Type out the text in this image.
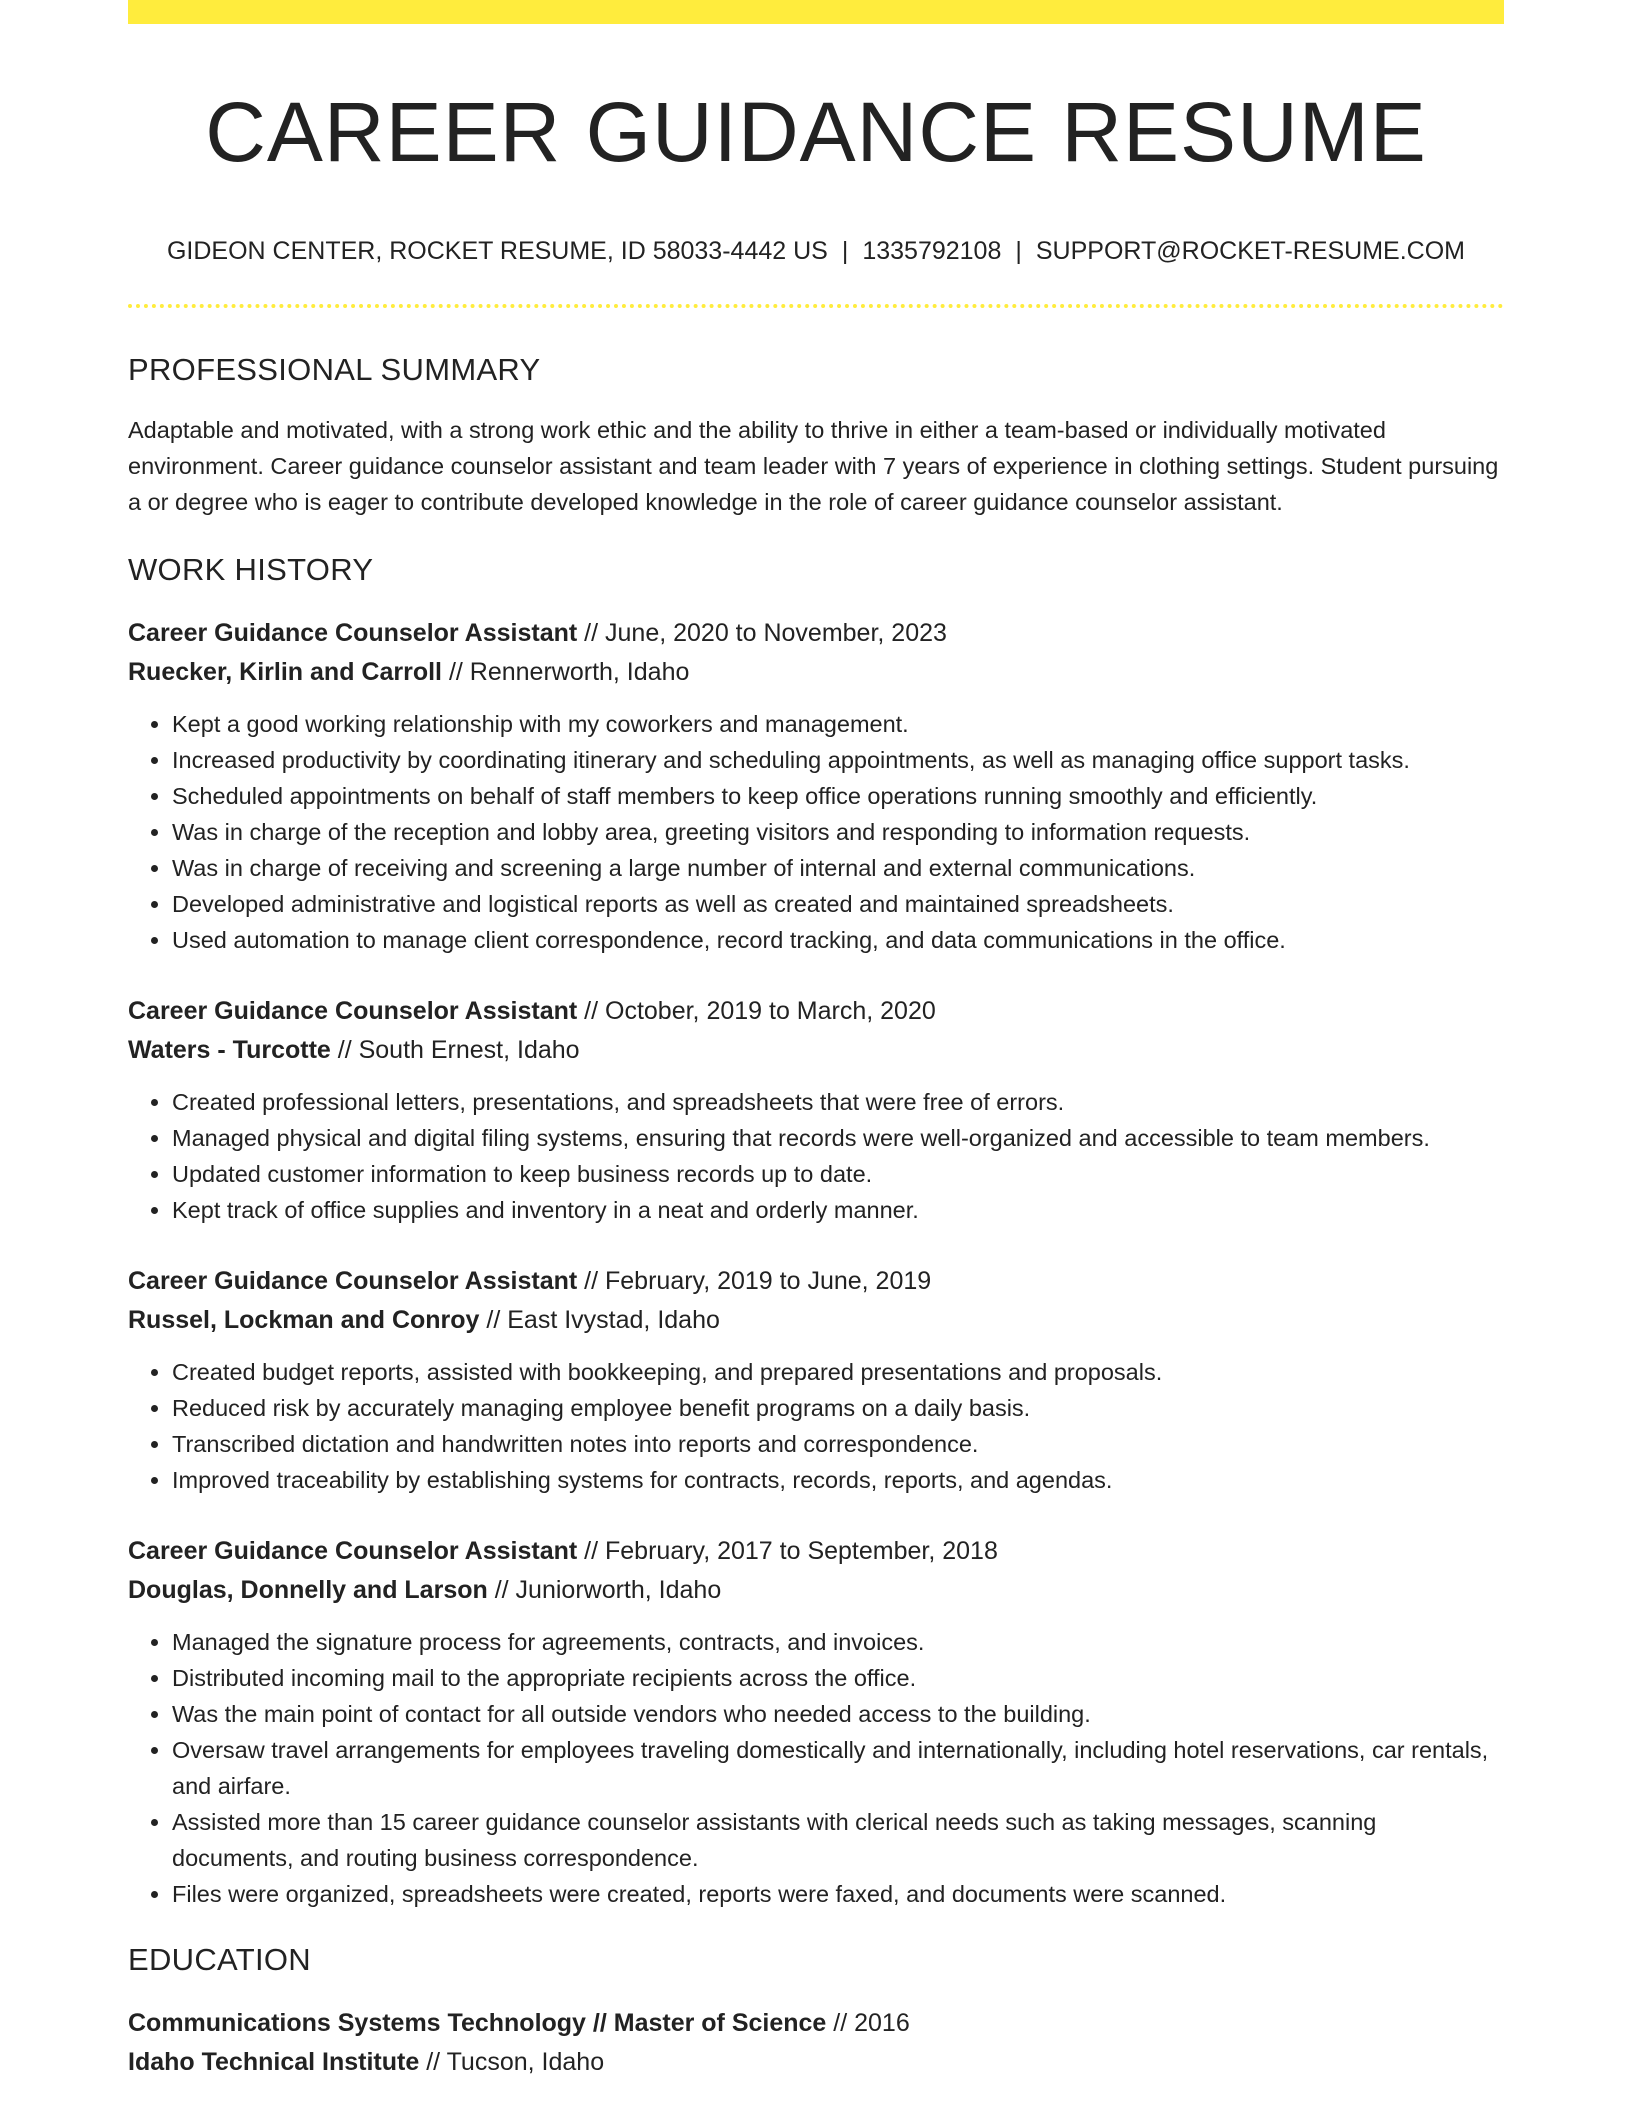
CAREER GUIDANCE RESUME
GIDEON CENTER, ROCKET RESUME, ID 58033-4442 US | 1335792108 | SUPPORT@ROCKET-RESUME.COM
PROFESSIONAL SUMMARY

Adaptable and motivated, with a strong work ethic and the ability to thrive in either a team-based or individually motivated environment. Career guidance counselor assistant and team leader with 7 years of experience in clothing settings. Student pursuing a or degree who is eager to contribute developed knowledge in the role of career guidance counselor assistant.

WORK HISTORY
Career Guidance Counselor Assistant // June, 2020 to November, 2023
Ruecker, Kirlin and Carroll // Rennerworth, Idaho
• Kept a good working relationship with my coworkers and management.
• Increased productivity by coordinating itinerary and scheduling appointments, as well as managing office support tasks.
• Scheduled appointments on behalf of staff members to keep office operations running smoothly and efficiently.
• Was in charge of the reception and lobby area, greeting visitors and responding to information requests.
• Was in charge of receiving and screening a large number of internal and external communications.
• Developed administrative and logistical reports as well as created and maintained spreadsheets.
• Used automation to manage client correspondence, record tracking, and data communications in the office.
Career Guidance Counselor Assistant // October, 2019 to March, 2020
Waters - Turcotte // South Ernest, Idaho
• Created professional letters, presentations, and spreadsheets that were free of errors.
• Managed physical and digital filing systems, ensuring that records were well-organized and accessible to team members.
• Updated customer information to keep business records up to date.
• Kept track of office supplies and inventory in a neat and orderly manner.
Career Guidance Counselor Assistant // February, 2019 to June, 2019
Russel, Lockman and Conroy // East Ivystad, Idaho
• Created budget reports, assisted with bookkeeping, and prepared presentations and proposals.
• Reduced risk by accurately managing employee benefit programs on a daily basis.
• Transcribed dictation and handwritten notes into reports and correspondence.
• Improved traceability by establishing systems for contracts, records, reports, and agendas.
Career Guidance Counselor Assistant // February, 2017 to September, 2018
Douglas, Donnelly and Larson // Juniorworth, Idaho
• Managed the signature process for agreements, contracts, and invoices.
• Distributed incoming mail to the appropriate recipients across the office.
• Was the main point of contact for all outside vendors who needed access to the building.
• Oversaw travel arrangements for employees traveling domestically and internationally, including hotel reservations, car rentals, and airfare.
• Assisted more than 15 career guidance counselor assistants with clerical needs such as taking messages, scanning documents, and routing business correspondence.
• Files were organized, spreadsheets were created, reports were faxed, and documents were scanned.
EDUCATION
Communications Systems Technology // Master of Science // 2016
Idaho Technical Institute // Tucson, Idaho
